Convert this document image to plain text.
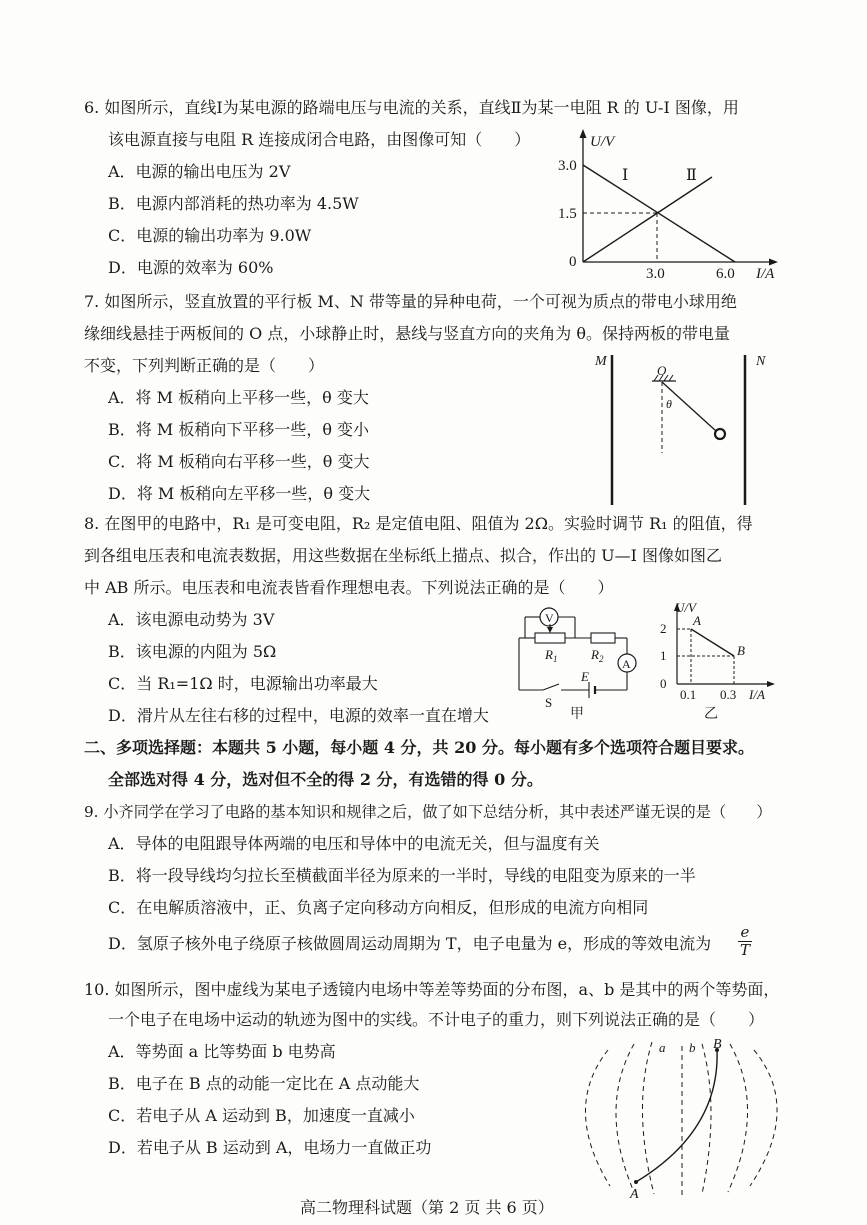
6. 如图所示，直线Ⅰ为某电源的路端电压与电流的关系，直线Ⅱ为某一电阻 R 的 U-I 图像，用
该电源直接与电阻 R 连接成闭合电路，由图像可知（　　）
A．电源的输出电压为 2V
B．电源内部消耗的热功率为 4.5W
C．电源的输出功率为 9.0W
D．电源的效率为 60%
U/V
3.0
1.5
0
3.0	6.0 I/A
Ⅰ	Ⅱ
7. 如图所示，竖直放置的平行板 M、N 带等量的异种电荷，一个可视为质点的带电小球用绝
缘细线悬挂于两板间的 O 点，小球静止时，悬线与竖直方向的夹角为 θ。保持两板的带电量
不变，下列判断正确的是（　　）
A．将 M 板稍向上平移一些，θ 变大
B．将 M 板稍向下平移一些，θ 变小
C．将 M 板稍向右平移一些，θ 变大
D．将 M 板稍向左平移一些，θ 变大
M	N
O
θ
8. 在图甲的电路中，R₁ 是可变电阻，R₂ 是定值电阻、阻值为 2Ω。实验时调节 R₁ 的阻值，得
到各组电压表和电流表数据，用这些数据在坐标纸上描点、拟合，作出的 U—I 图像如图乙
中 AB 所示。电压表和电流表皆看作理想电表。下列说法正确的是（　　）
A．该电源电动势为 3V
B．该电源的内阻为 5Ω
C．当 R₁=1Ω 时，电源输出功率最大
D．滑片从左往右移的过程中，电源的效率一直在增大
V
A
$R_1$	$R_2$
S
E
甲
U/V
2
1
0
0.1 0.3 I/A
A
B
乙
二、多项选择题：本题共 5 小题，每小题 4 分，共 20 分。每小题有多个选项符合题目要求。
全部选对得 4 分，选对但不全的得 2 分，有选错的得 0 分。
9. 小齐同学在学习了电路的基本知识和规律之后，做了如下总结分析，其中表述严谨无误的是（　　）
A．导体的电阻跟导体两端的电压和导体中的电流无关，但与温度有关
B．将一段导线均匀拉长至横截面半径为原来的一半时，导线的电阻变为原来的一半
C．在电解质溶液中，正、负离子定向移动方向相反，但形成的电流方向相同
D．氢原子核外电子绕原子核做圆周运动周期为 T，电子电量为 e，形成的等效电流为 $\frac{e}{T}$
10. 如图所示，图中虚线为某电子透镜内电场中等差等势面的分布图，a、b 是其中的两个等势面，
一个电子在电场中运动的轨迹为图中的实线。不计电子的重力，则下列说法正确的是（　　）
A．等势面 a 比等势面 b 电势高
B．电子在 B 点的动能一定比在 A 点动能大
C．若电子从 A 运动到 B，加速度一直减小
D．若电子从 B 运动到 A，电场力一直做正功
a b B
A
高二物理科试题（第 2 页 共 6 页）
